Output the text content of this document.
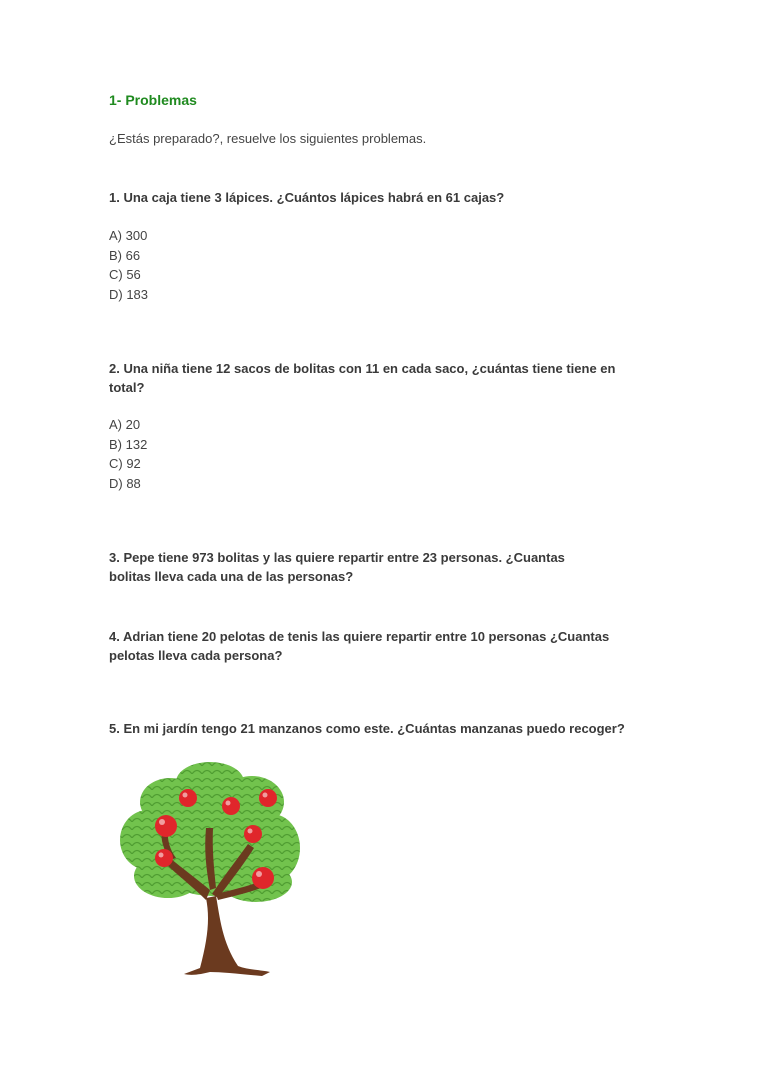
1- Problemas
¿Estás preparado?, resuelve los siguientes problemas.
1. Una caja tiene 3 lápices. ¿Cuántos lápices habrá en 61 cajas?
A) 300
B) 66
C) 56
D) 183
2. Una niña tiene 12 sacos de bolitas con 11 en cada saco, ¿cuántas tiene tiene en total?
A) 20
B) 132
C) 92
D) 88
3. Pepe tiene 973 bolitas y las quiere repartir entre 23 personas. ¿Cuantas bolitas lleva cada una de las personas?
4. Adrian tiene 20 pelotas de tenis las quiere repartir entre 10 personas ¿Cuantas pelotas lleva cada persona?
5. En mi jardín tengo 21 manzanos como este. ¿Cuántas manzanas puedo recoger?
